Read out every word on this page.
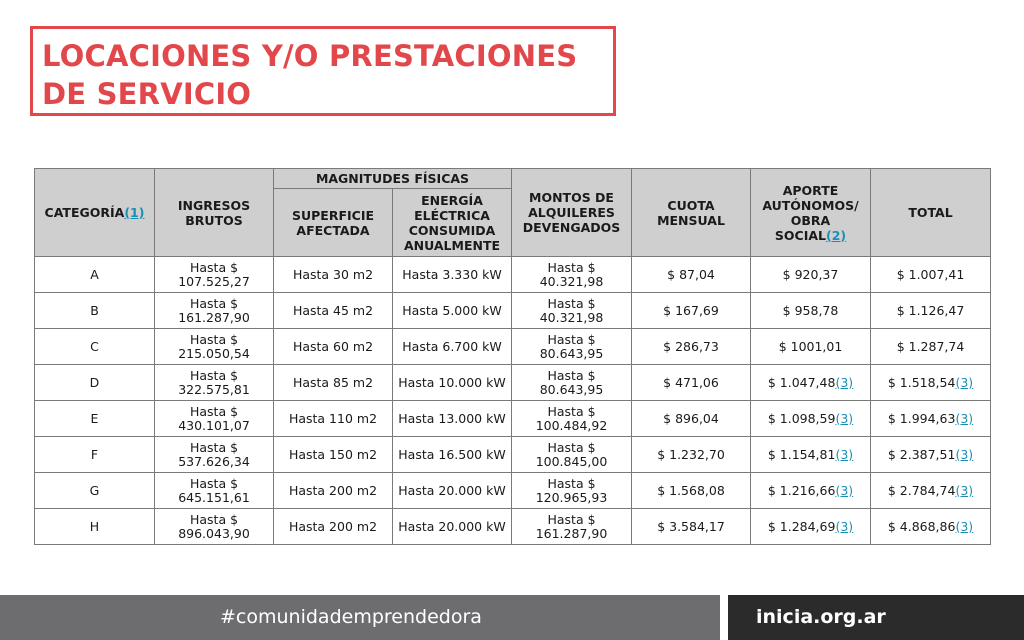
LOCACIONES Y/O PRESTACIONES
DE SERVICIO
CATEGORÍA(1)	INGRESOS BRUTOS	MAGNITUDES FÍSICAS		MONTOS DE ALQUILERES DEVENGADOS	CUOTA MENSUAL	APORTE AUTÓNOMOS/ OBRA SOCIAL(2)	TOTAL
		SUPERFICIE AFECTADA	ENERGÍA ELÉCTRICA CONSUMIDA ANUALMENTE				
A	Hasta $ 107.525,27	Hasta 30 m2	Hasta 3.330 kW	Hasta $ 40.321,98	$ 87,04	$ 920,37	$ 1.007,41
B	Hasta $ 161.287,90	Hasta 45 m2	Hasta 5.000 kW	Hasta $ 40.321,98	$ 167,69	$ 958,78	$ 1.126,47
C	Hasta $ 215.050,54	Hasta 60 m2	Hasta 6.700 kW	Hasta $ 80.643,95	$ 286,73	$ 1001,01	$ 1.287,74
D	Hasta $ 322.575,81	Hasta 85 m2	Hasta 10.000 kW	Hasta $ 80.643,95	$ 471,06	$ 1.047,48(3)	$ 1.518,54(3)
E	Hasta $ 430.101,07	Hasta 110 m2	Hasta 13.000 kW	Hasta $ 100.484,92	$ 896,04	$ 1.098,59(3)	$ 1.994,63(3)
F	Hasta $ 537.626,34	Hasta 150 m2	Hasta 16.500 kW	Hasta $ 100.845,00	$ 1.232,70	$ 1.154,81(3)	$ 2.387,51(3)
G	Hasta $ 645.151,61	Hasta 200 m2	Hasta 20.000 kW	Hasta $ 120.965,93	$ 1.568,08	$ 1.216,66(3)	$ 2.784,74(3)
H	Hasta $ 896.043,90	Hasta 200 m2	Hasta 20.000 kW	Hasta $ 161.287,90	$ 3.584,17	$ 1.284,69(3)	$ 4.868,86(3)
#comunidademprendedora	inicia.org.ar
